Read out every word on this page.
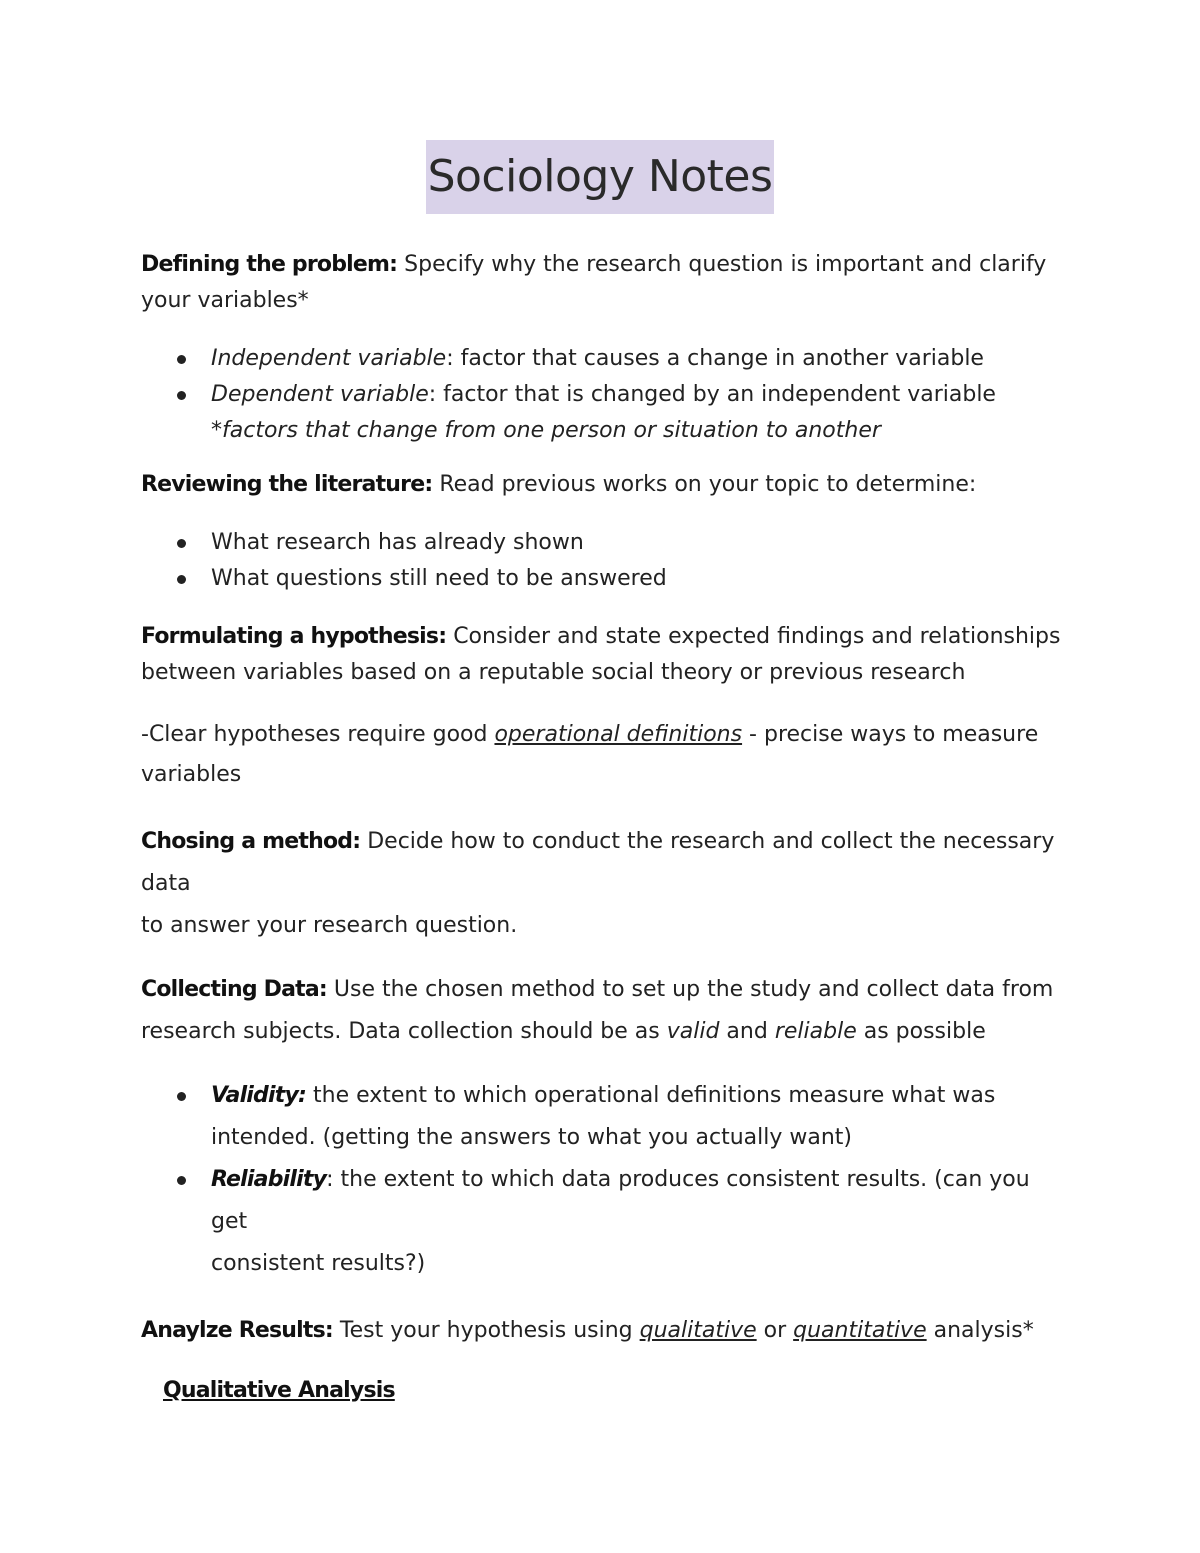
Sociology Notes

Defining the problem: Specify why the research question is important and clarify
your variables*

Independent variable: factor that causes a change in another variable
Dependent variable: factor that is changed by an independent variable
*factors that change from one person or situation to another

Reviewing the literature: Read previous works on your topic to determine:

What research has already shown
What questions still need to be answered

Formulating a hypothesis: Consider and state expected findings and relationships
between variables based on a reputable social theory or previous research

-Clear hypotheses require good operational definitions - precise ways to measure
variables

Chosing a method: Decide how to conduct the research and collect the necessary data
to answer your research question.

Collecting Data: Use the chosen method to set up the study and collect data from
research subjects. Data collection should be as valid and reliable as possible

Validity: the extent to which operational definitions measure what was
intended. (getting the answers to what you actually want)
Reliability: the extent to which data produces consistent results. (can you get
consistent results?)

Anaylze Results: Test your hypothesis using qualitative or quantitative analysis*

Qualitative Analysis
